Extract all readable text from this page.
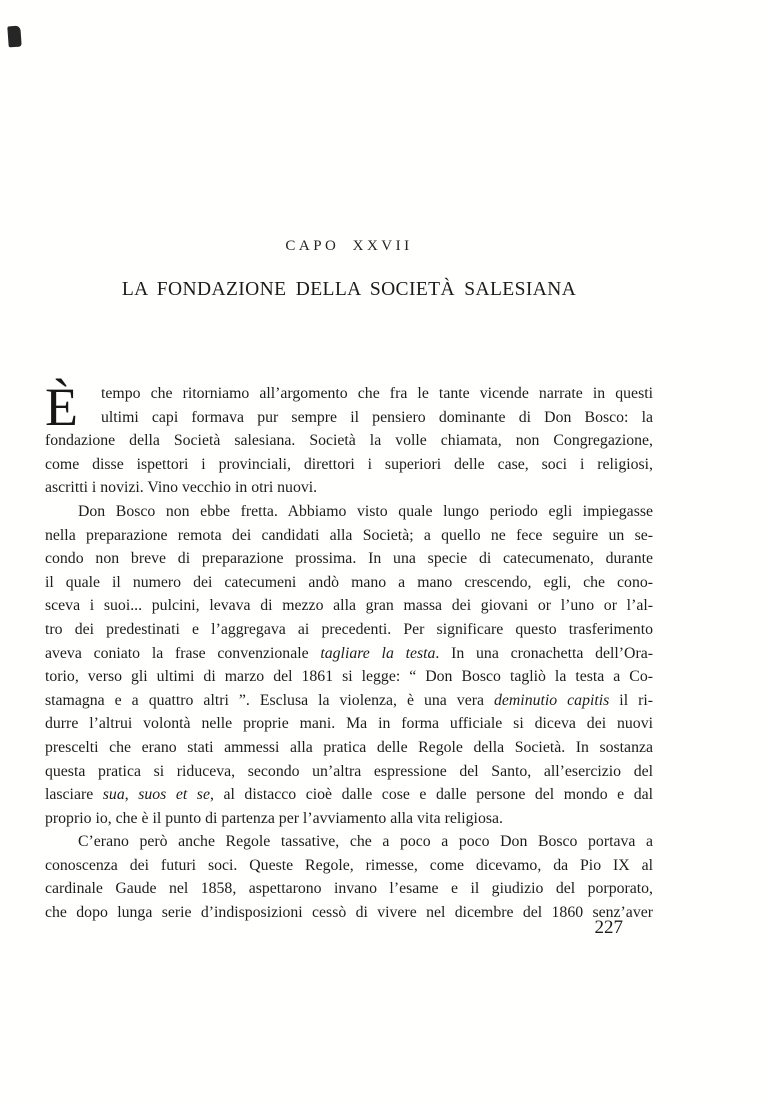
CAPO XXVII
LA FONDAZIONE DELLA SOCIETÀ SALESIANA
È	tempo che ritorniamo all’argomento che fra le tante vicende narrate in questi
ultimi capi formava pur sempre il pensiero dominante di Don Bosco: la
fondazione della Società salesiana. Società la volle chiamata, non Congregazione,
come disse ispettori i provinciali, direttori i superiori delle case, soci i religiosi,
ascritti i novizi. Vino vecchio in otri nuovi.
Don Bosco non ebbe fretta. Abbiamo visto quale lungo periodo egli impiegasse
nella preparazione remota dei candidati alla Società; a quello ne fece seguire un se-
condo non breve di preparazione prossima. In una specie di catecumenato, durante
il quale il numero dei catecumeni andò mano a mano crescendo, egli, che cono-
sceva i suoi... pulcini, levava di mezzo alla gran massa dei giovani or l’uno or l’al-
tro dei predestinati e l’aggregava ai precedenti. Per significare questo trasferimento
aveva coniato la frase convenzionale tagliare la testa. In una cronachetta dell’Ora-
torio, verso gli ultimi di marzo del 1861 si legge: “ Don Bosco tagliò la testa a Co-
stamagna e a quattro altri ”. Esclusa la violenza, è una vera deminutio capitis il ri-
durre l’altrui volontà nelle proprie mani. Ma in forma ufficiale si diceva dei nuovi
prescelti che erano stati ammessi alla pratica delle Regole della Società. In sostanza
questa pratica si riduceva, secondo un’altra espressione del Santo, all’esercizio del
lasciare sua, suos et se, al distacco cioè dalle cose e dalle persone del mondo e dal
proprio io, che è il punto di partenza per l’avviamento alla vita religiosa.
C’erano però anche Regole tassative, che a poco a poco Don Bosco portava a
conoscenza dei futuri soci. Queste Regole, rimesse, come dicevamo, da Pio IX al
cardinale Gaude nel 1858, aspettarono invano l’esame e il giudizio del porporato,
che dopo lunga serie d’indisposizioni cessò di vivere nel dicembre del 1860 senz’aver
227
